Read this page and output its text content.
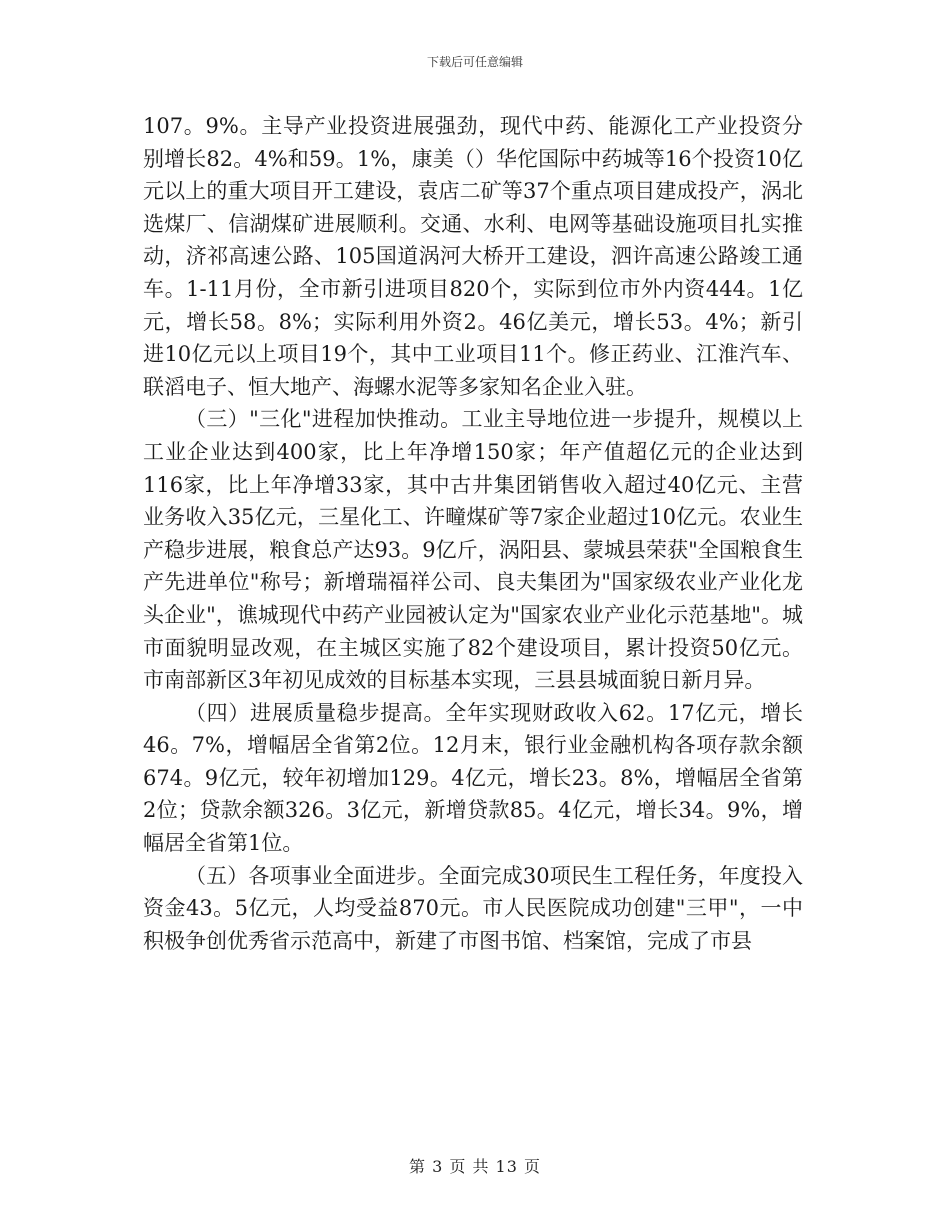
下载后可任意编辑

107。9%。主导产业投资进展强劲，现代中药、能源化工产业投资分别增长82。4%和59。1%，康美（）华佗国际中药城等16个投资10亿元以上的重大项目开工建设，袁店二矿等37个重点项目建成投产，涡北选煤厂、信湖煤矿进展顺利。交通、水利、电网等基础设施项目扎实推动，济祁高速公路、105国道涡河大桥开工建设，泗许高速公路竣工通车。1-11月份，全市新引进项目820个，实际到位市外内资444。1亿元，增长58。8%；实际利用外资2。46亿美元，增长53。4%；新引进10亿元以上项目19个，其中工业项目11个。修正药业、江淮汽车、联滔电子、恒大地产、海螺水泥等多家知名企业入驻。

（三）"三化"进程加快推动。工业主导地位进一步提升，规模以上工业企业达到400家，比上年净增150家；年产值超亿元的企业达到116家，比上年净增33家，其中古井集团销售收入超过40亿元、主营业务收入35亿元，三星化工、许疃煤矿等7家企业超过10亿元。农业生产稳步进展，粮食总产达93。9亿斤，涡阳县、蒙城县荣获"全国粮食生产先进单位"称号；新增瑞福祥公司、良夫集团为"国家级农业产业化龙头企业"，谯城现代中药产业园被认定为"国家农业产业化示范基地"。城市面貌明显改观，在主城区实施了82个建设项目，累计投资50亿元。市南部新区3年初见成效的目标基本实现，三县县城面貌日新月异。

（四）进展质量稳步提高。全年实现财政收入62。17亿元，增长46。7%，增幅居全省第2位。12月末，银行业金融机构各项存款余额674。9亿元，较年初增加129。4亿元，增长23。8%，增幅居全省第2位；贷款余额326。3亿元，新增贷款85。4亿元，增长34。9%，增幅居全省第1位。

（五）各项事业全面进步。全面完成30项民生工程任务，年度投入资金43。5亿元，人均受益870元。市人民医院成功创建"三甲"，一中积极争创优秀省示范高中，新建了市图书馆、档案馆，完成了市县

第 3 页 共 13 页
